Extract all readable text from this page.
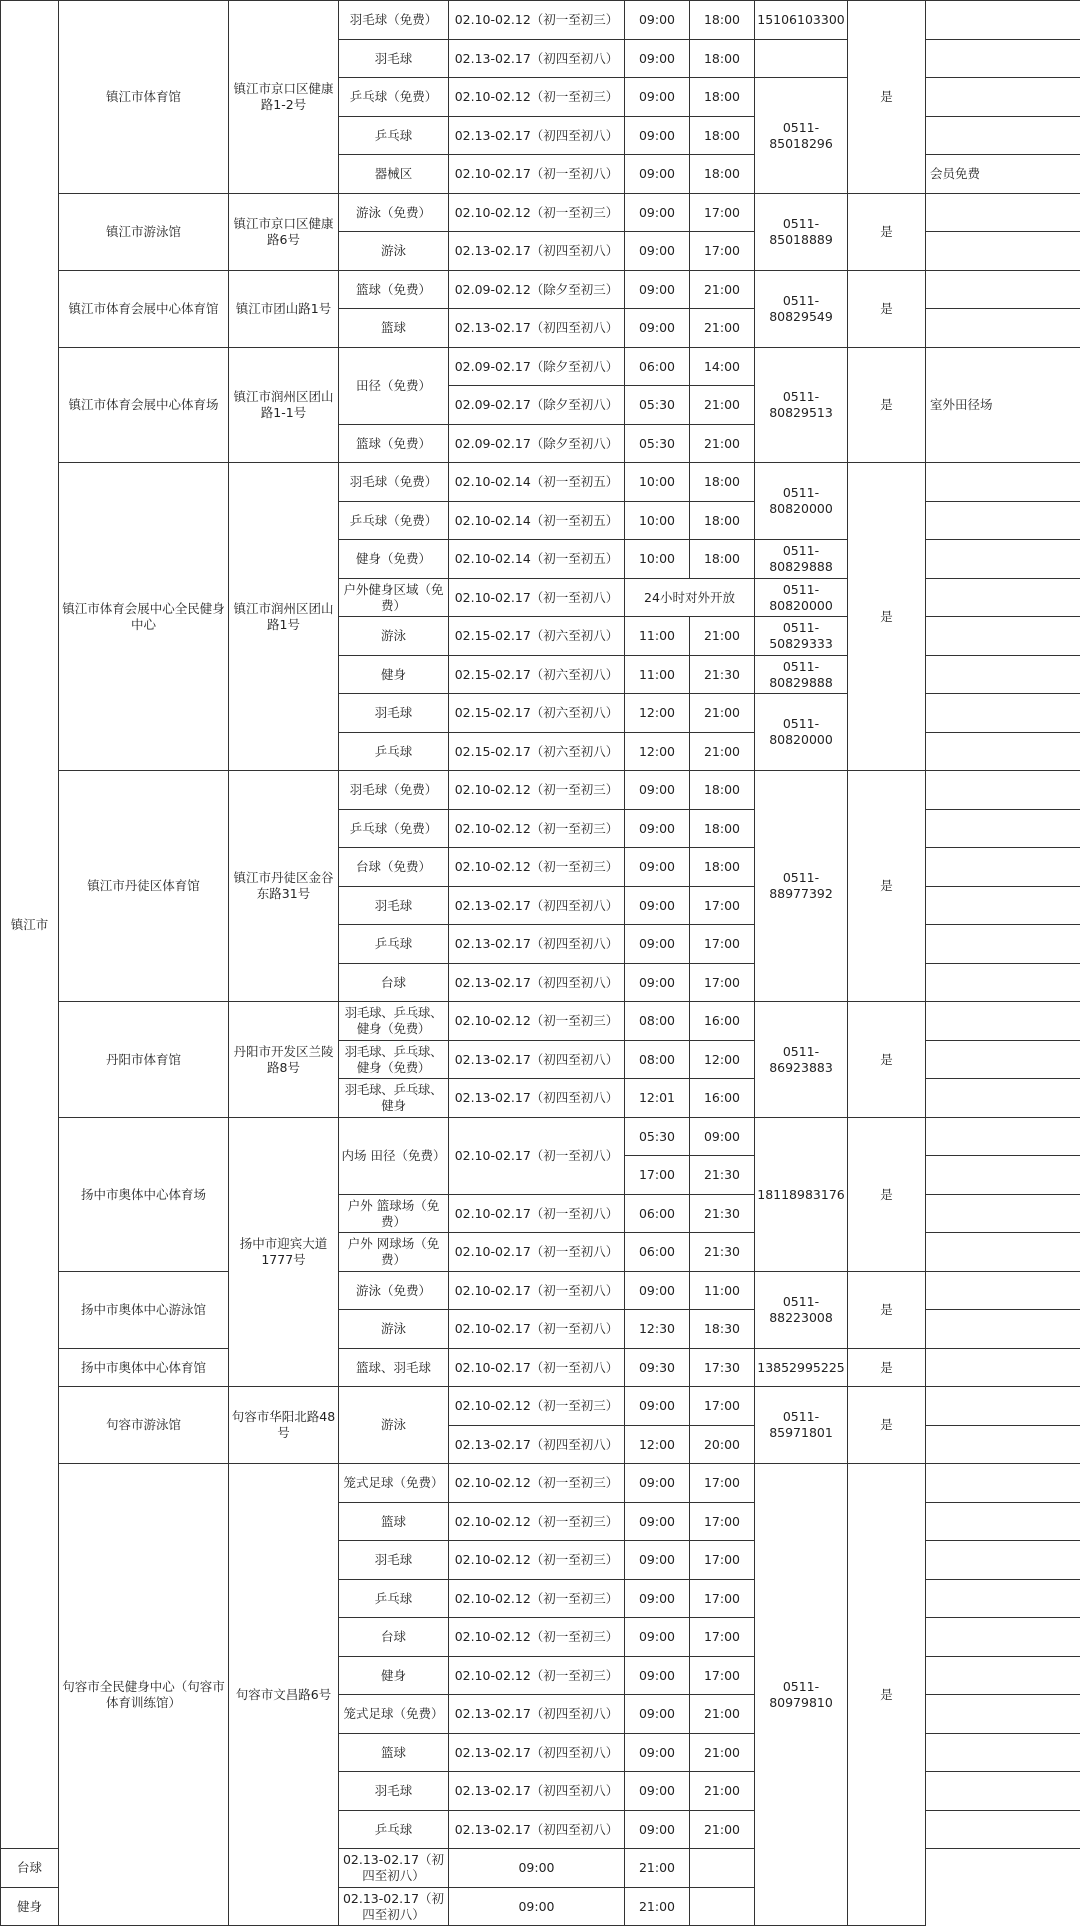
镇江市	镇江市体育馆	镇江市京口区健康路1-2号	羽毛球（免费）	02.10-02.12（初一至初三）	09:00	18:00	15106103300	是	
			羽毛球	02.13-02.17（初四至初八）	09:00	18:00			
			乒乓球（免费）	02.10-02.12（初一至初三）	09:00	18:00	0511-85018296		
			乒乓球	02.13-02.17（初四至初八）	09:00	18:00			
			器械区	02.10-02.17（初一至初八）	09:00	18:00			会员免费
	镇江市游泳馆	镇江市京口区健康路6号	游泳（免费）	02.10-02.12（初一至初三）	09:00	17:00	0511-85018889	是	
			游泳	02.13-02.17（初四至初八）	09:00	17:00			
	镇江市体育会展中心体育馆	镇江市团山路1号	篮球（免费）	02.09-02.12（除夕至初三）	09:00	21:00	0511-80829549	是	
			篮球	02.13-02.17（初四至初八）	09:00	21:00			
	镇江市体育会展中心体育场	镇江市润州区团山路1-1号	田径（免费）	02.09-02.17（除夕至初八）	06:00	14:00	0511-80829513	是	室外田径场
				02.09-02.17（除夕至初八）	05:30	21:00			
			篮球（免费）	02.09-02.17（除夕至初八）	05:30	21:00			
	镇江市体育会展中心全民健身中心	镇江市润州区团山路1号	羽毛球（免费）	02.10-02.14（初一至初五）	10:00	18:00	0511-80820000	是	
			乒乓球（免费）	02.10-02.14（初一至初五）	10:00	18:00			
			健身（免费）	02.10-02.14（初一至初五）	10:00	18:00	0511-80829888		
			户外健身区域（免费）	02.10-02.17（初一至初八）	24小时对外开放		0511-80820000		
			游泳	02.15-02.17（初六至初八）	11:00	21:00	0511-50829333		
			健身	02.15-02.17（初六至初八）	11:00	21:30	0511-80829888		
			羽毛球	02.15-02.17（初六至初八）	12:00	21:00	0511-80820000		
			乒乓球	02.15-02.17（初六至初八）	12:00	21:00			
	镇江市丹徒区体育馆	镇江市丹徒区金谷东路31号	羽毛球（免费）	02.10-02.12（初一至初三）	09:00	18:00	0511-88977392	是	
			乒乓球（免费）	02.10-02.12（初一至初三）	09:00	18:00			
			台球（免费）	02.10-02.12（初一至初三）	09:00	18:00			
			羽毛球	02.13-02.17（初四至初八）	09:00	17:00			
			乒乓球	02.13-02.17（初四至初八）	09:00	17:00			
			台球	02.13-02.17（初四至初八）	09:00	17:00			
	丹阳市体育馆	丹阳市开发区兰陵路8号	羽毛球、乒乓球、健身（免费）	02.10-02.12（初一至初三）	08:00	16:00	0511-86923883	是	
			羽毛球、乒乓球、健身（免费）	02.13-02.17（初四至初八）	08:00	12:00			
			羽毛球、乒乓球、健身	02.13-02.17（初四至初八）	12:01	16:00			
	扬中市奥体中心体育场	扬中市迎宾大道1777号	内场 田径（免费）	02.10-02.17（初一至初八）	05:30	09:00	18118983176	是	
					17:00	21:30			
			户外 篮球场（免费）	02.10-02.17（初一至初八）	06:00	21:30			
			户外 网球场（免费）	02.10-02.17（初一至初八）	06:00	21:30			
	扬中市奥体中心游泳馆		游泳（免费）	02.10-02.17（初一至初八）	09:00	11:00	0511-88223008	是	
			游泳	02.10-02.17（初一至初八）	12:30	18:30			
	扬中市奥体中心体育馆		篮球、羽毛球	02.10-02.17（初一至初八）	09:30	17:30	13852995225	是	
	句容市游泳馆	句容市华阳北路48号	游泳	02.10-02.12（初一至初三）	09:00	17:00	0511-85971801	是	
				02.13-02.17（初四至初八）	12:00	20:00			
	句容市全民健身中心（句容市体育训练馆）	句容市文昌路6号	笼式足球（免费）	02.10-02.12（初一至初三）	09:00	17:00	0511-80979810	是	
			篮球	02.10-02.12（初一至初三）	09:00	17:00			
			羽毛球	02.10-02.12（初一至初三）	09:00	17:00			
			乒乓球	02.10-02.12（初一至初三）	09:00	17:00			
			台球	02.10-02.12（初一至初三）	09:00	17:00			
			健身	02.10-02.12（初一至初三）	09:00	17:00			
			笼式足球（免费）	02.13-02.17（初四至初八）	09:00	21:00			
			篮球	02.13-02.17（初四至初八）	09:00	21:00			
			羽毛球	02.13-02.17（初四至初八）	09:00	21:00			
			乒乓球	02.13-02.17（初四至初八）	09:00	21:00			
台球			02.13-02.17（初四至初八）	09:00	21:00				
健身			02.13-02.17（初四至初八）	09:00	21:00				
